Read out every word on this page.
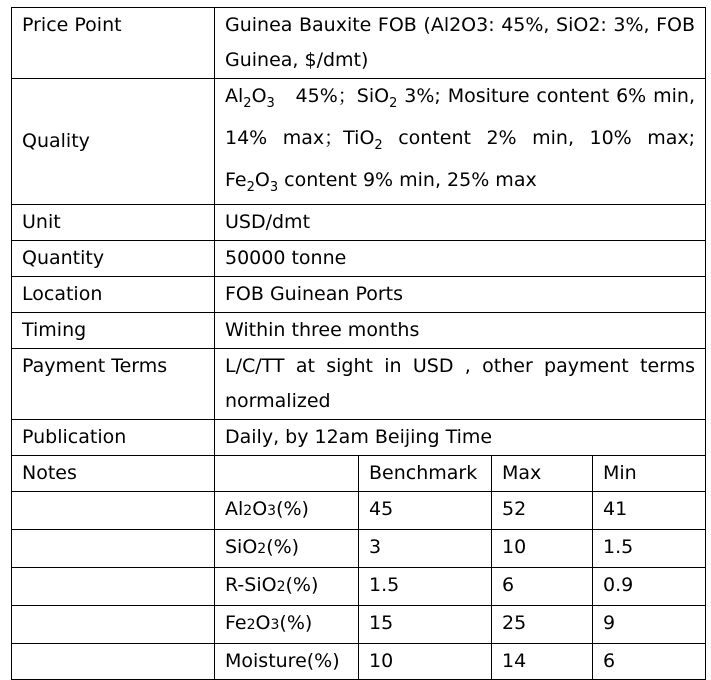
Price Point	Guinea Bauxite FOB (Al2O3: 45%, SiO2: 3%, FOB Guinea, $/dmt)			
Quality	$Al_2O_3$   45%；SiO$_2$ 3%; Mositure content 6% min, 14% max；TiO$_2$ content 2% min, 10% max; $Fe_2O_3$ content 9% min, 25% max			
Unit	USD/dmt			
Quantity	50000 tonne			
Location	FOB Guinean Ports			
Timing	Within three months			
Payment Terms	L/C/TT at sight in USD , other payment terms normalized			
Publication	Daily, by 12am Beijing Time			
Notes		Benchmark	Max	Min
	Al2O3(%)	45	52	41
	SiO2(%)	3	10	1.5
	R-SiO2(%)	1.5	6	0.9
	Fe2O3(%)	15	25	9
	Moisture(%)	10	14	6
